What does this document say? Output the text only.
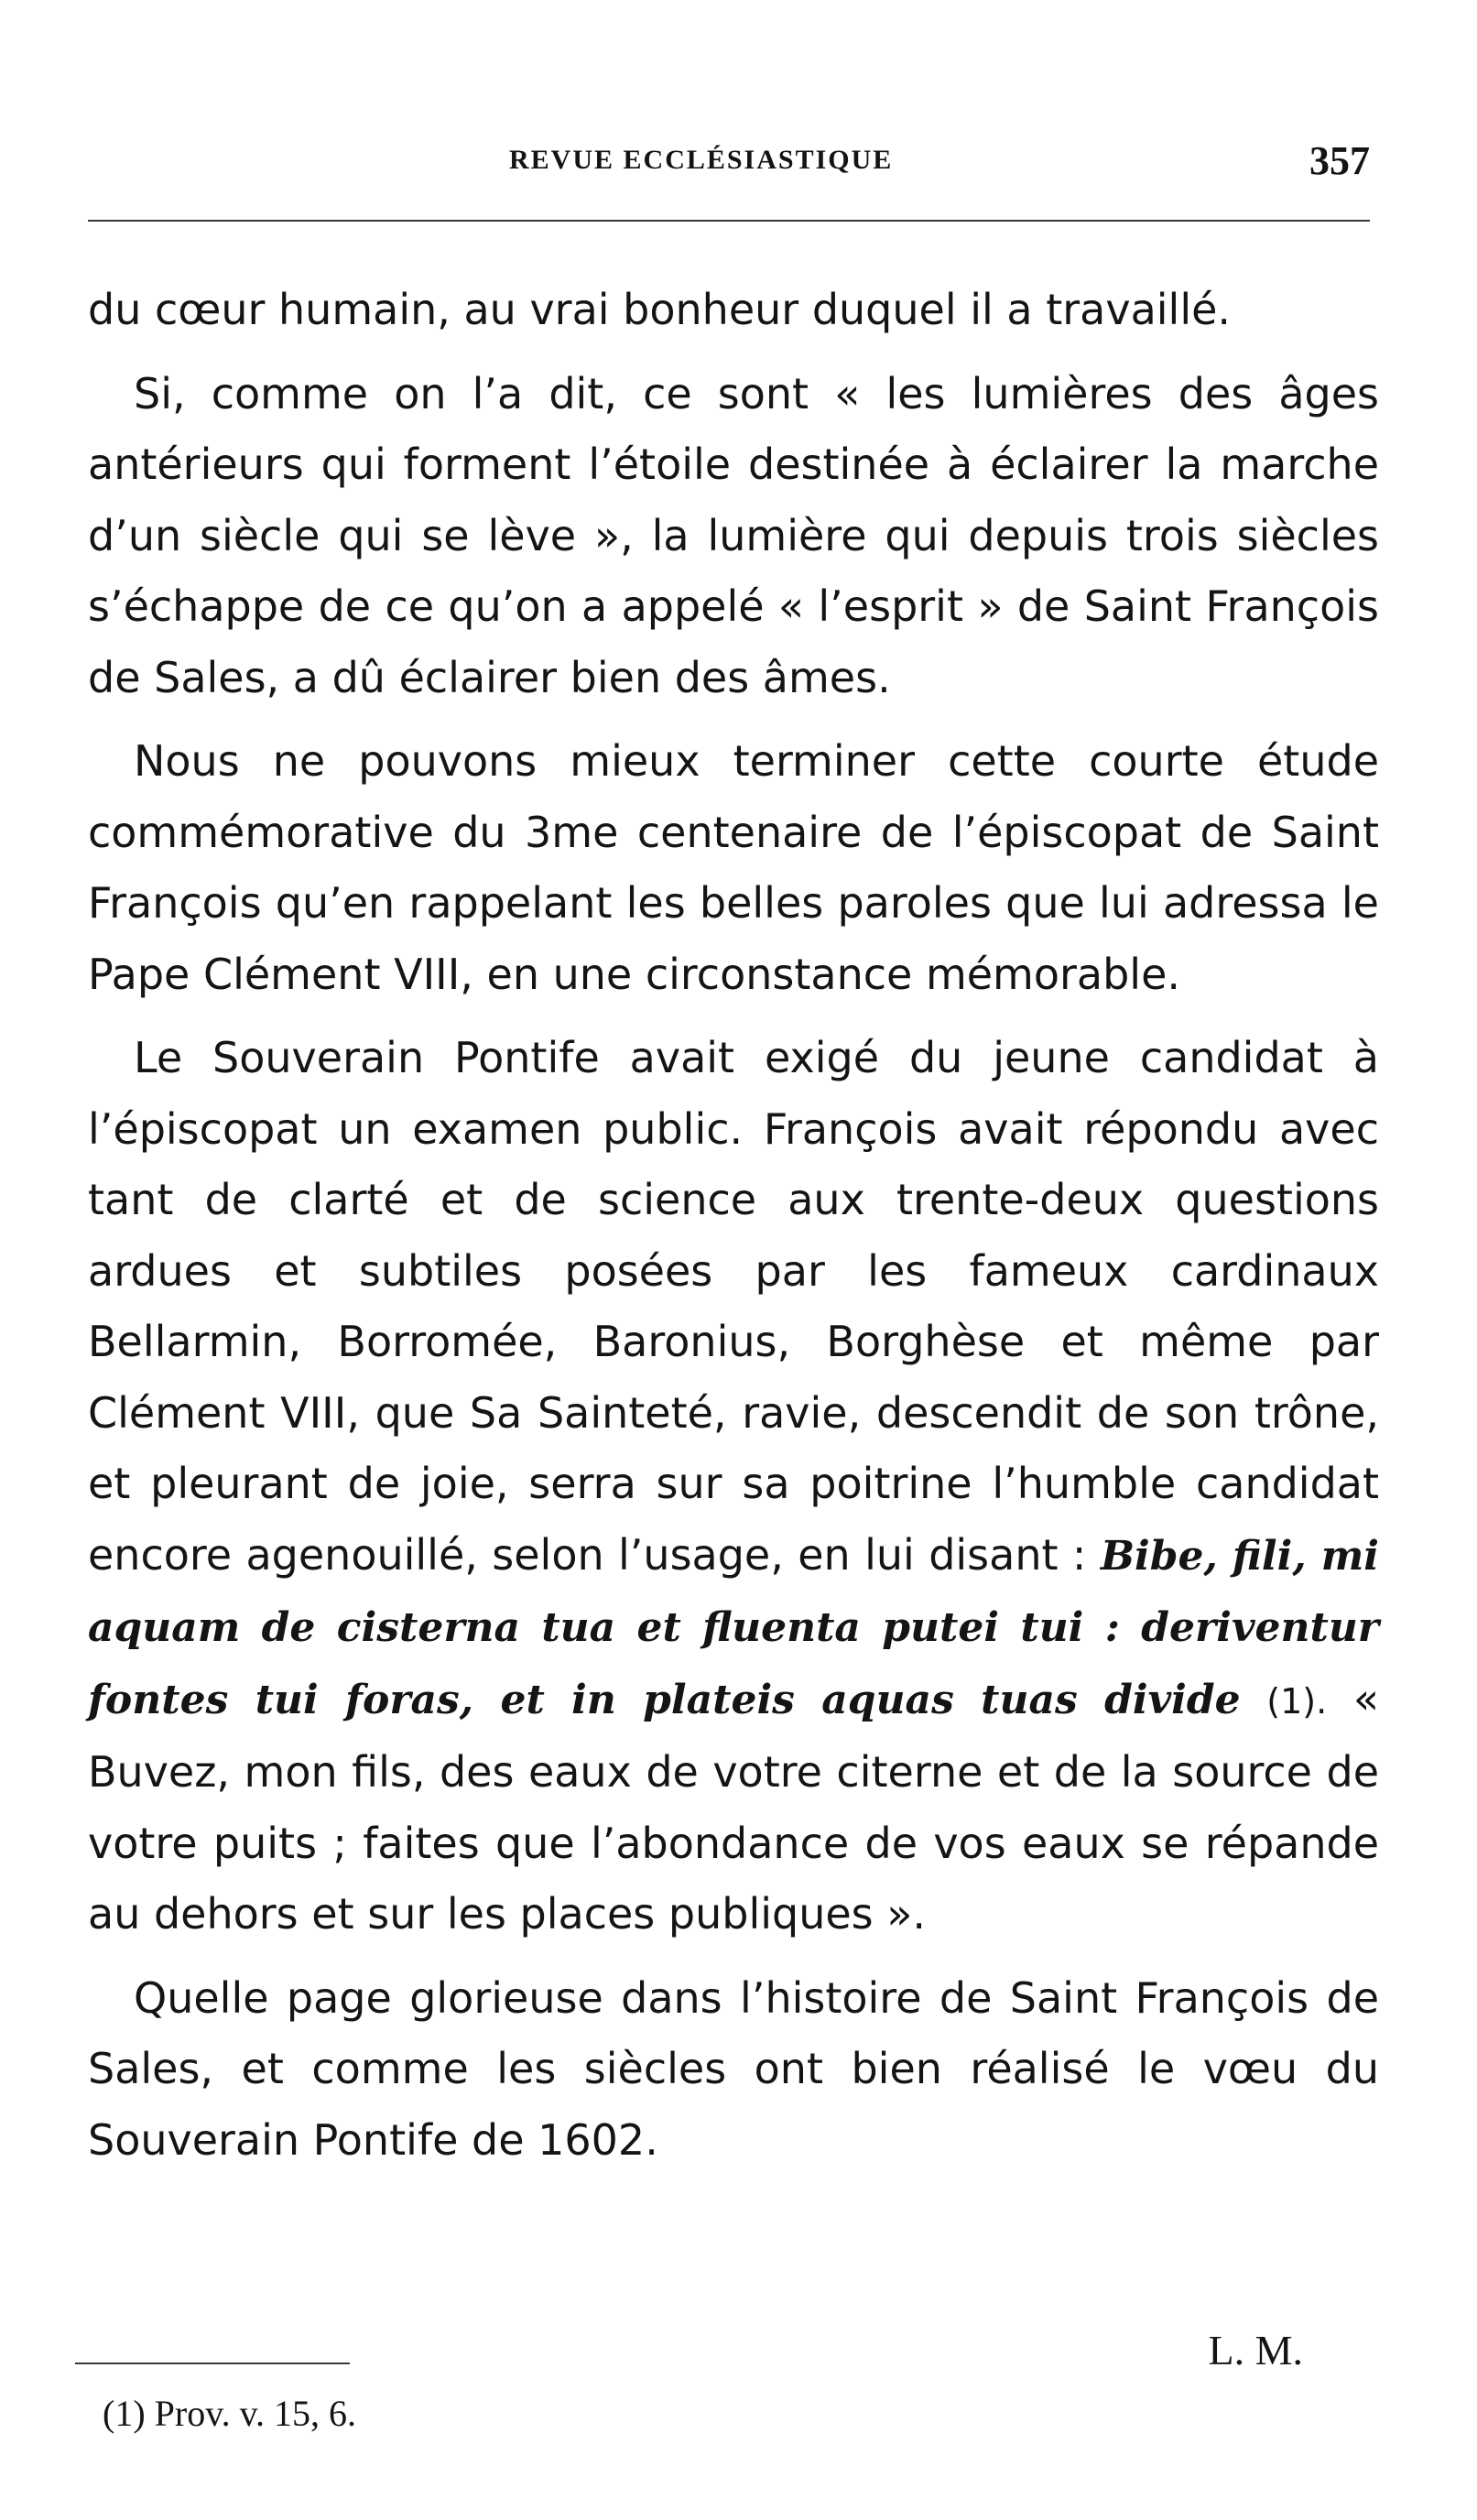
REVUE ECCLÉSIASTIQUE	357

du cœur humain, au vrai bonheur duquel il a travaillé.

Si, comme on l’a dit, ce sont « les lumières des âges antérieurs qui forment l’étoile destinée à éclairer la marche d’un siècle qui se lève », la lumière qui depuis trois siècles s’échappe de ce qu’on a appelé « l’esprit » de Saint François de Sales, a dû éclairer bien des âmes.

Nous ne pouvons mieux terminer cette courte étude commémorative du 3me centenaire de l’épiscopat de Saint François qu’en rappelant les belles paroles que lui adressa le Pape Clément VIII, en une circonstance mémorable.

Le Souverain Pontife avait exigé du jeune candidat à l’épiscopat un examen public. François avait répondu avec tant de clarté et de science aux trente-deux questions ardues et subtiles posées par les fameux cardinaux Bellarmin, Borromée, Baronius, Borghèse et même par Clément VIII, que Sa Sainteté, ravie, descendit de son trône, et pleurant de joie, serra sur sa poitrine l’humble candidat encore agenouillé, selon l’usage, en lui disant : Bibe, fili, mi aquam de cisterna tua et fluenta putei tui : deriventur fontes tui foras, et in plateis aquas tuas divide (1). « Buvez, mon fils, des eaux de votre citerne et de la source de votre puits ; faites que l’abondance de vos eaux se répande au dehors et sur les places publiques ».

Quelle page glorieuse dans l’histoire de Saint François de Sales, et comme les siècles ont bien réalisé le vœu du Souverain Pontife de 1602.

L. M.
(1) Prov. v. 15, 6.
